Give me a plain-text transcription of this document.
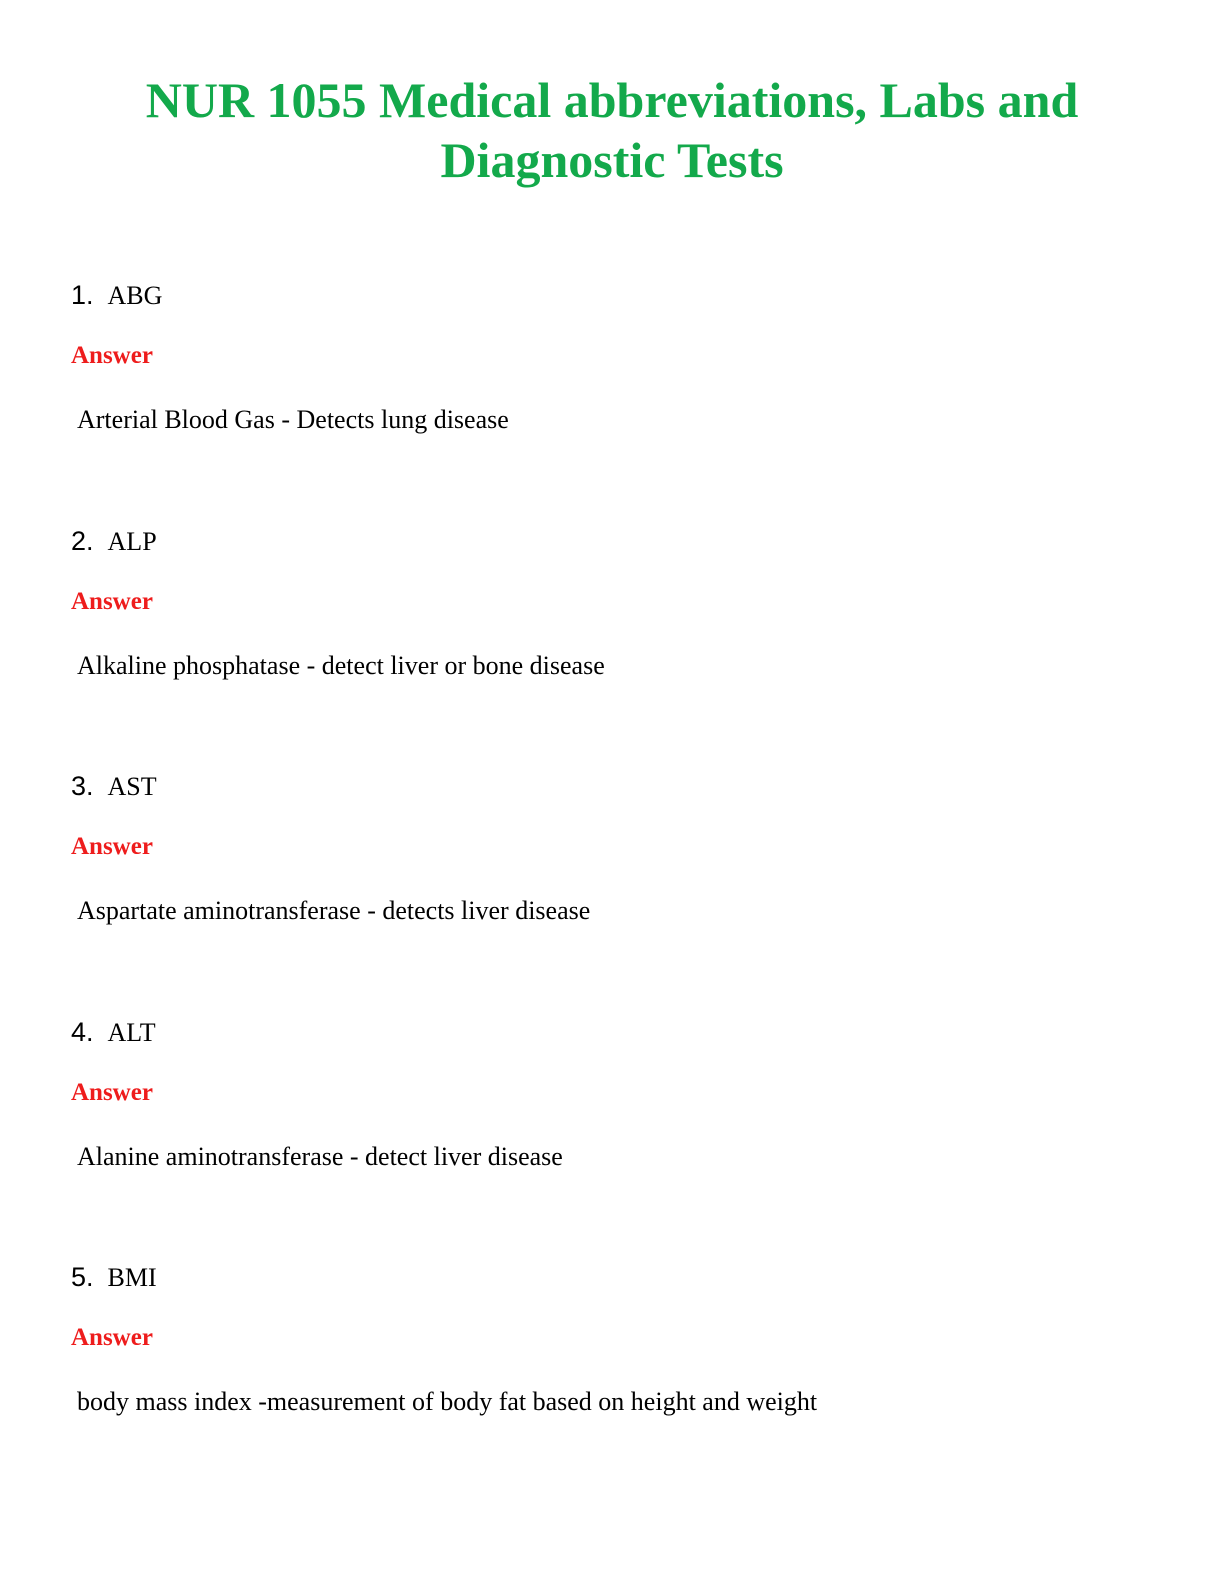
NUR 1055 Medical abbreviations, Labs and
Diagnostic Tests
1. ABG
Answer
Arterial Blood Gas - Detects lung disease
2. ALP
Answer
Alkaline phosphatase - detect liver or bone disease
3. AST
Answer
Aspartate aminotransferase - detects liver disease
4. ALT
Answer
Alanine aminotransferase - detect liver disease
5. BMI
Answer
body mass index -measurement of body fat based on height and weight
